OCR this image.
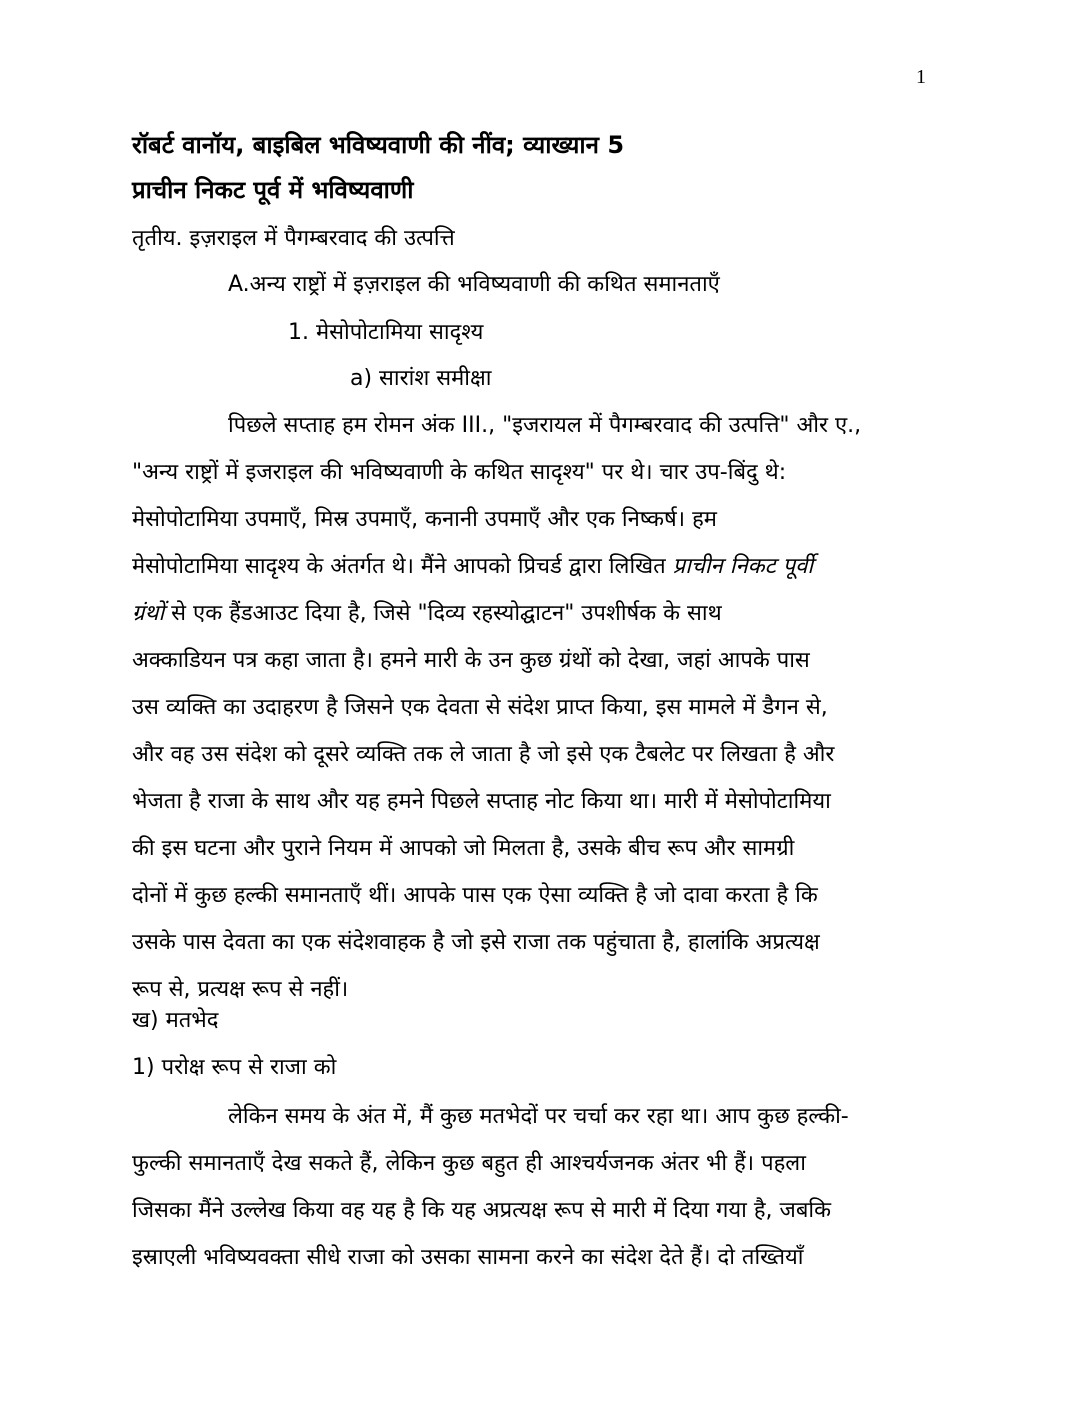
1
रॉबर्ट वानॉय, बाइबिल भविष्यवाणी की नींव; व्याख्यान 5
प्राचीन निकट पूर्व में भविष्यवाणी
तृतीय. इज़राइल में पैगम्बरवाद की उत्पत्ति
A.अन्य राष्ट्रों में इज़राइल की भविष्यवाणी की कथित समानताएँ
1. मेसोपोटामिया सादृश्य
a) सारांश समीक्षा
पिछले सप्ताह हम रोमन अंक III., "इजरायल में पैगम्बरवाद की उत्पत्ति" और ए.,
"अन्य राष्ट्रों में इजराइल की भविष्यवाणी के कथित सादृश्य" पर थे। चार उप-बिंदु थे:
मेसोपोटामिया उपमाएँ, मिस्र उपमाएँ, कनानी उपमाएँ और एक निष्कर्ष। हम
मेसोपोटामिया सादृश्य के अंतर्गत थे। मैंने आपको प्रिचर्ड द्वारा लिखित प्राचीन निकट पूर्वी
ग्रंथों से एक हैंडआउट दिया है, जिसे "दिव्य रहस्योद्घाटन" उपशीर्षक के साथ
अक्काडियन पत्र कहा जाता है। हमने मारी के उन कुछ ग्रंथों को देखा, जहां आपके पास
उस व्यक्ति का उदाहरण है जिसने एक देवता से संदेश प्राप्त किया, इस मामले में डैगन से,
और वह उस संदेश को दूसरे व्यक्ति तक ले जाता है जो इसे एक टैबलेट पर लिखता है और
भेजता है राजा के साथ और यह हमने पिछले सप्ताह नोट किया था। मारी में मेसोपोटामिया
की इस घटना और पुराने नियम में आपको जो मिलता है, उसके बीच रूप और सामग्री
दोनों में कुछ हल्की समानताएँ थीं। आपके पास एक ऐसा व्यक्ति है जो दावा करता है कि
उसके पास देवता का एक संदेशवाहक है जो इसे राजा तक पहुंचाता है, हालांकि अप्रत्यक्ष
रूप से, प्रत्यक्ष रूप से नहीं।
ख) मतभेद
1) परोक्ष रूप से राजा को
लेकिन समय के अंत में, मैं कुछ मतभेदों पर चर्चा कर रहा था। आप कुछ हल्की-
फुल्की समानताएँ देख सकते हैं, लेकिन कुछ बहुत ही आश्चर्यजनक अंतर भी हैं। पहला
जिसका मैंने उल्लेख किया वह यह है कि यह अप्रत्यक्ष रूप से मारी में दिया गया है, जबकि
इस्राएली भविष्यवक्ता सीधे राजा को उसका सामना करने का संदेश देते हैं। दो तख्तियाँ
